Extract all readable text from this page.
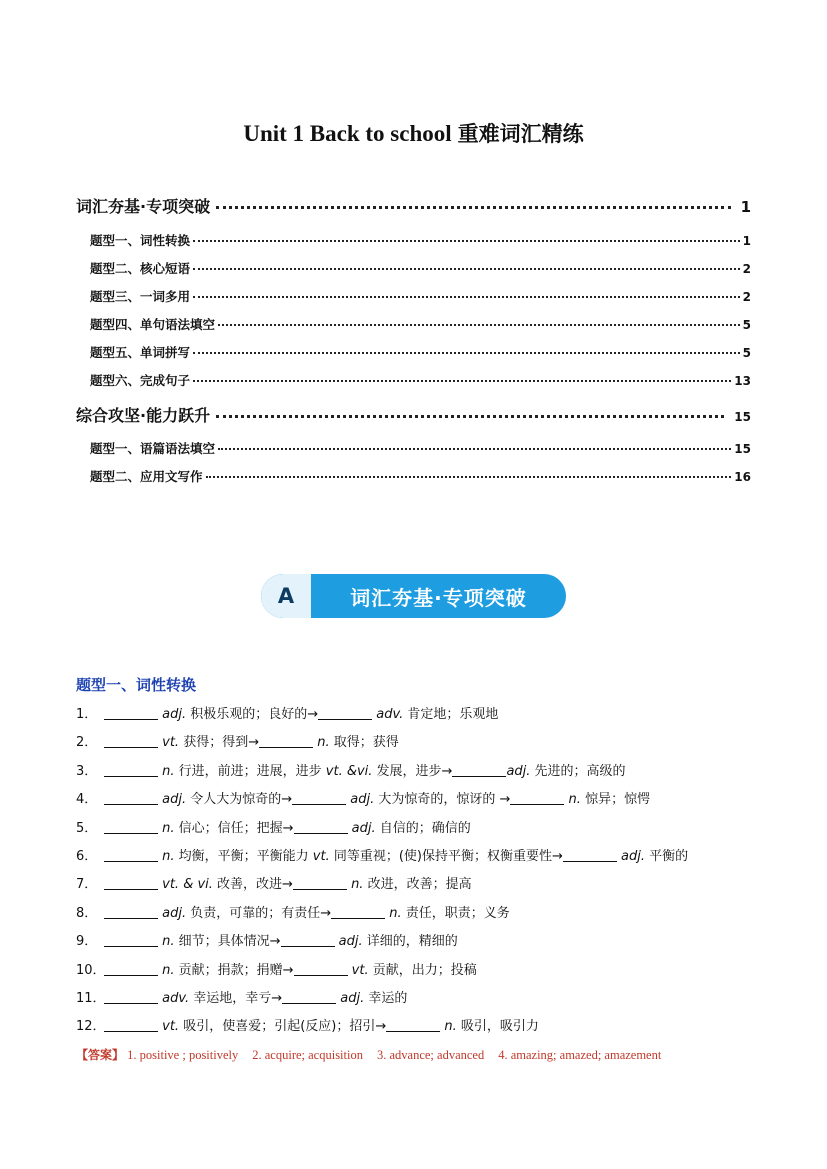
Unit 1 Back to school 重难词汇精练
词汇夯基·专项突破	1
题型一、词性转换	1
题型二、核心短语	2
题型三、一词多用	2
题型四、单句语法填空	5
题型五、单词拼写	5
题型六、完成句子	13
综合攻坚·能力跃升	15
题型一、语篇语法填空	15
题型二、应用文写作	16
A	词汇夯基·专项突破
题型一、词性转换
1．	adj. 积极乐观的；良好的→	adv. 肯定地；乐观地
2．	vt. 获得；得到→	n. 取得；获得
3．	n. 行进，前进；进展，进步 vt. &vi. 发展，进步→	adj. 先进的；高级的
4．	adj. 令人大为惊奇的→	adj. 大为惊奇的，惊讶的 →	n. 惊异；惊愕
5．	n. 信心；信任；把握→	adj. 自信的；确信的
6．	n. 均衡，平衡；平衡能力 vt. 同等重视；(使)保持平衡；权衡重要性→	adj. 平衡的
7．	vt. & vi. 改善，改进→	n. 改进，改善；提高
8．	adj. 负责，可靠的；有责任→	n. 责任，职责；义务
9．	n. 细节；具体情况→	adj. 详细的，精细的
10．	n. 贡献；捐款；捐赠→	vt. 贡献，出力；投稿
11．	adv. 幸运地，幸亏→	adj. 幸运的
12．	vt. 吸引，使喜爱；引起(反应)；招引→	n. 吸引，吸引力
【答案】 1. positive ; positively 2. acquire; acquisition 3. advance; advanced 4. amazing; amazed; amazement
